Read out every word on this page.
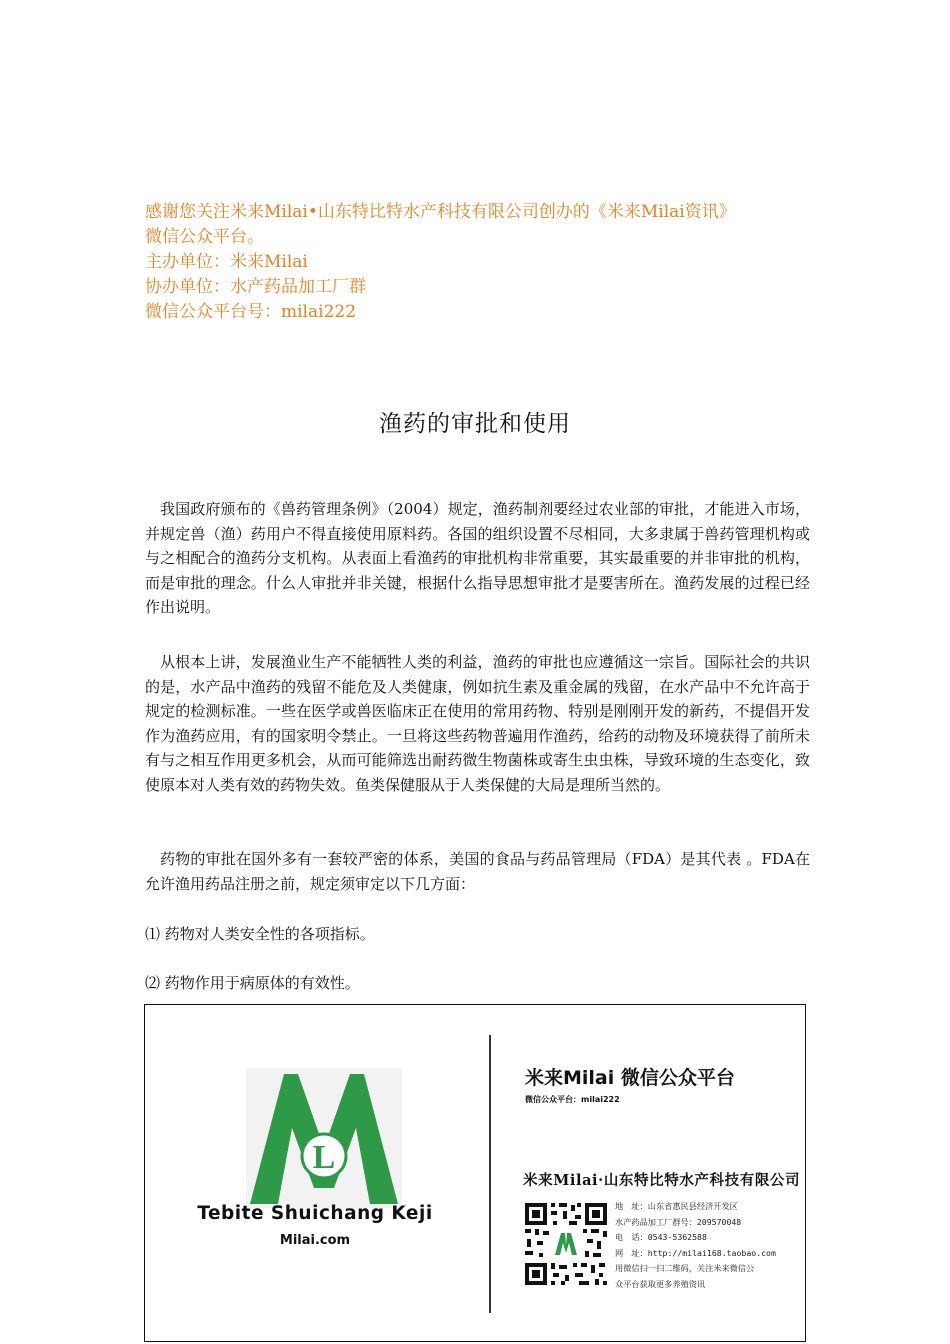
感谢您关注米来Milai•山东特比特水产科技有限公司创办的《米来Milai资讯》
微信公众平台。
主办单位：米来Milai
协办单位：水产药品加工厂群
微信公众平台号：milai222
渔药的审批和使用
我国政府颁布的《兽药管理条例》（2004）规定，渔药制剂要经过农业部的审批，才能进入市场，并规定兽（渔）药用户不得直接使用原料药。各国的组织设置不尽相同，大多隶属于兽药管理机构或与之相配合的渔药分支机构。从表面上看渔药的审批机构非常重要，其实最重要的并非审批的机构，而是审批的理念。什么人审批并非关键，根据什么指导思想审批才是要害所在。渔药发展的过程已经作出说明。
从根本上讲，发展渔业生产不能牺牲人类的利益，渔药的审批也应遵循这一宗旨。国际社会的共识的是，水产品中渔药的残留不能危及人类健康，例如抗生素及重金属的残留，在水产品中不允许高于规定的检测标准。一些在医学或兽医临床正在使用的常用药物、特别是刚刚开发的新药，不提倡开发作为渔药应用，有的国家明令禁止。一旦将这些药物普遍用作渔药，给药的动物及环境获得了前所未有与之相互作用更多机会，从而可能筛选出耐药微生物菌株或寄生虫虫株，导致环境的生态变化，致使原本对人类有效的药物失效。鱼类保健服从于人类保健的大局是理所当然的。
药物的审批在国外多有一套较严密的体系，美国的食品与药品管理局（FDA）是其代表 。FDA在允许渔用药品注册之前，规定须审定以下几方面：
⑴ 药物对人类安全性的各项指标。
⑵ 药物作用于病原体的有效性。
L
Tebite Shuichang Keji
Milai.com
米来Milai 微信公众平台
微信公众平台：milai222
米来Milai·山东特比特水产科技有限公司
地　址：山东省惠民县经济开发区
水产药品加工厂群号：209570048
电　话：0543-5362588
网　址：http://milai168.taobao.com
用微信扫一扫二维码，关注米来微信公
众平台获取更多养殖资讯
